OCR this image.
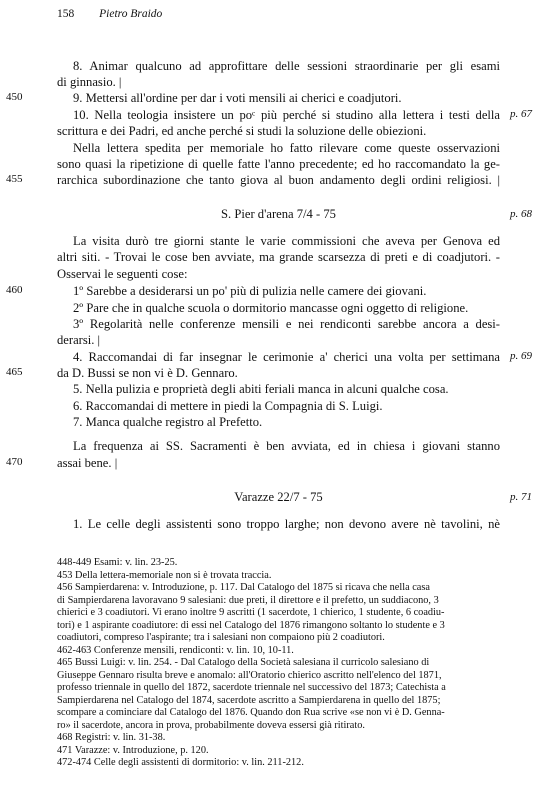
158 Pietro Braido
8. Animar qualcuno ad approfittare delle sessioni straordinarie per gli esami
di ginnasio. |
9. Mettersi all'ordine per dar i voti mensili ai cherici e coadjutori.
10. Nella teologia insistere un poᶜ più perché si studino alla lettera i testi della
scrittura e dei Padri, ed anche perché si studi la soluzione delle obiezioni.
Nella lettera spedita per memoriale ho fatto rilevare come queste osservazioni
sono quasi la ripetizione di quelle fatte l'anno precedente; ed ho raccomandato la ge-
rarchica subordinazione che tanto giova al buon andamento degli ordini religiosi. |
S. Pier d'arena 7/4 - 75
La visita durò tre giorni stante le varie commissioni che aveva per Genova ed
altri siti. - Trovai le cose ben avviate, ma grande scarsezza di preti e di coadjutori. -
Osservai le seguenti cose:
1º Sarebbe a desiderarsi un po' più di pulizia nelle camere dei giovani.
2º Pare che in qualche scuola o dormitorio mancasse ogni oggetto di religione.
3º Regolarità nelle conferenze mensili e nei rendiconti sarebbe ancora a desi-
derarsi. |
4. Raccomandai di far insegnar le cerimonie a' cherici una volta per settimana
da D. Bussi se non vi è D. Gennaro.
5. Nella pulizia e proprietà degli abiti feriali manca in alcuni qualche cosa.
6. Raccomandai di mettere in piedi la Compagnia di S. Luigi.
7. Manca qualche registro al Prefetto.
La frequenza ai SS. Sacramenti è ben avviata, ed in chiesa i giovani stanno
assai bene. |
Varazze 22/7 - 75
1. Le celle degli assistenti sono troppo larghe; non devono avere nè tavolini, nè
450
455
460
465
470
p. 67
p. 68
p. 69
p. 71
448-449 Esami: v. lin. 23-25.
453 Della lettera-memoriale non si è trovata traccia.
456 Sampierdarena: v. Introduzione, p. 117. Dal Catalogo del 1875 si ricava che nella casa
di Sampierdarena lavoravano 9 salesiani: due preti, il direttore e il prefetto, un suddiacono, 3
chierici e 3 coadiutori. Vi erano inoltre 9 ascritti (1 sacerdote, 1 chierico, 1 studente, 6 coadiu-
tori) e 1 aspirante coadiutore: di essi nel Catalogo del 1876 rimangono soltanto lo studente e 3
coadiutori, compreso l'aspirante; tra i salesiani non compaiono più 2 coadiutori.
462-463 Conferenze mensili, rendiconti: v. lin. 10, 10-11.
465 Bussi Luigi: v. lin. 254. - Dal Catalogo della Società salesiana il curricolo salesiano di
Giuseppe Gennaro risulta breve e anomalo: all'Oratorio chierico ascritto nell'elenco del 1871,
professo triennale in quello del 1872, sacerdote triennale nel successivo del 1873; Catechista a
Sampierdarena nel Catalogo del 1874, sacerdote ascritto a Sampierdarena in quello del 1875;
scompare a cominciare dal Catalogo del 1876. Quando don Rua scrive «se non vi è D. Genna-
ro» il sacerdote, ancora in prova, probabilmente doveva essersi già ritirato.
468 Registri: v. lin. 31-38.
471 Varazze: v. Introduzione, p. 120.
472-474 Celle degli assistenti di dormitorio: v. lin. 211-212.
